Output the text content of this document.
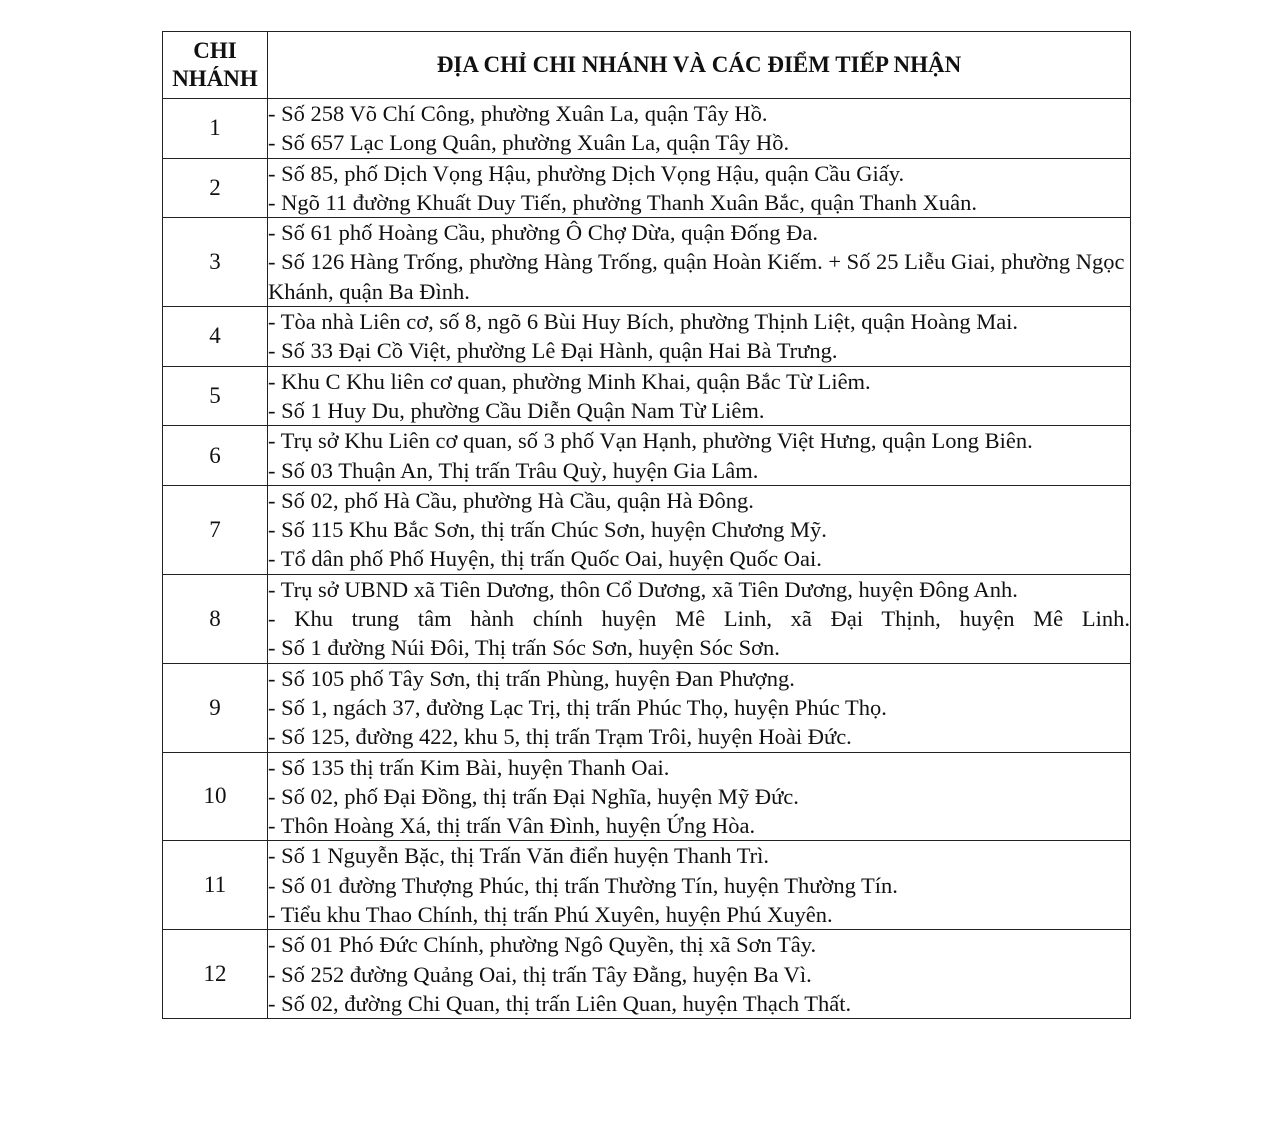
CHI
NHÁNH	ĐỊA CHỈ CHI NHÁNH VÀ CÁC ĐIỂM TIẾP NHẬN
1	- Số 258 Võ Chí Công, phường Xuân La, quận Tây Hồ.
- Số 657 Lạc Long Quân, phường Xuân La, quận Tây Hồ.

2	- Số 85, phố Dịch Vọng Hậu, phường Dịch Vọng Hậu, quận Cầu Giấy.
- Ngõ 11 đường Khuất Duy Tiến, phường Thanh Xuân Bắc, quận Thanh Xuân.

3	- Số 61 phố Hoàng Cầu, phường Ô Chợ Dừa, quận Đống Đa.
- Số 126 Hàng Trống, phường Hàng Trống, quận Hoàn Kiếm. + Số 25 Liễu Giai, phường Ngọc Khánh, quận Ba Đình.

4	- Tòa nhà Liên cơ, số 8, ngõ 6 Bùi Huy Bích, phường Thịnh Liệt, quận Hoàng Mai.
- Số 33 Đại Cồ Việt, phường Lê Đại Hành, quận Hai Bà Trưng.

5	- Khu C Khu liên cơ quan, phường Minh Khai, quận Bắc Từ Liêm.
- Số 1 Huy Du, phường Cầu Diễn Quận Nam Từ Liêm.

6	- Trụ sở Khu Liên cơ quan, số 3 phố Vạn Hạnh, phường Việt Hưng, quận Long Biên.
- Số 03 Thuận An, Thị trấn Trâu Quỳ, huyện Gia Lâm.

7	- Số 02, phố Hà Cầu, phường Hà Cầu, quận Hà Đông.
- Số 115 Khu Bắc Sơn, thị trấn Chúc Sơn, huyện Chương Mỹ.
- Tổ dân phố Phố Huyện, thị trấn Quốc Oai, huyện Quốc Oai.

8	- Trụ sở UBND xã Tiên Dương, thôn Cổ Dương, xã Tiên Dương, huyện Đông Anh.
- Khu trung tâm hành chính huyện Mê Linh, xã Đại Thịnh, huyện Mê Linh.
- Số 1 đường Núi Đôi, Thị trấn Sóc Sơn, huyện Sóc Sơn.

9	- Số 105 phố Tây Sơn, thị trấn Phùng, huyện Đan Phượng.
- Số 1, ngách 37, đường Lạc Trị, thị trấn Phúc Thọ, huyện Phúc Thọ.
- Số 125, đường 422, khu 5, thị trấn Trạm Trôi, huyện Hoài Đức.

10	- Số 135 thị trấn Kim Bài, huyện Thanh Oai.
- Số 02, phố Đại Đồng, thị trấn Đại Nghĩa, huyện Mỹ Đức.
- Thôn Hoàng Xá, thị trấn Vân Đình, huyện Ứng Hòa.

11	- Số 1 Nguyễn Bặc, thị Trấn Văn điển huyện Thanh Trì.
- Số 01 đường Thượng Phúc, thị trấn Thường Tín, huyện Thường Tín.
- Tiểu khu Thao Chính, thị trấn Phú Xuyên, huyện Phú Xuyên.

12	- Số 01 Phó Đức Chính, phường Ngô Quyền, thị xã Sơn Tây.
- Số 252 đường Quảng Oai, thị trấn Tây Đằng, huyện Ba Vì.
- Số 02, đường Chi Quan, thị trấn Liên Quan, huyện Thạch Thất.
